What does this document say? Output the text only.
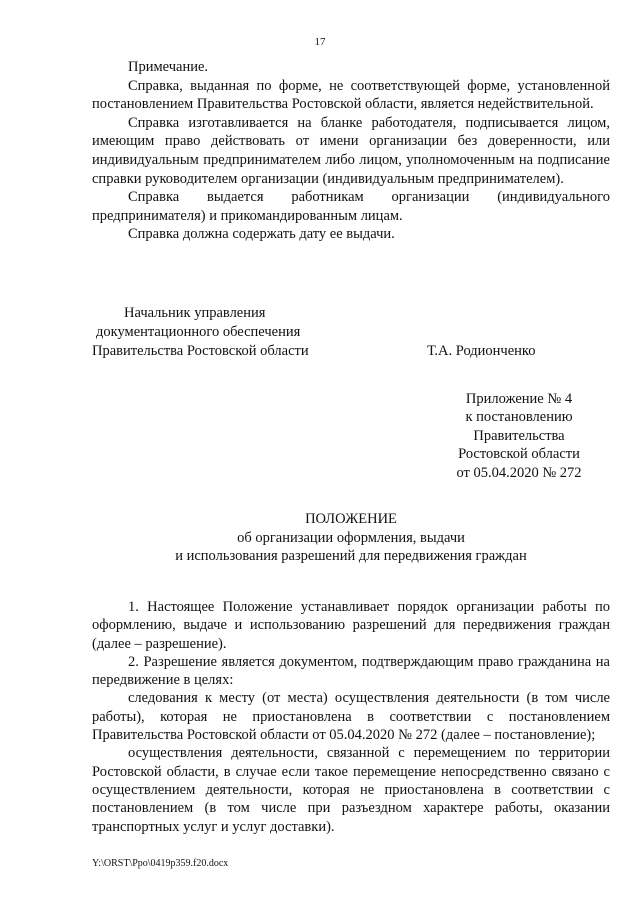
17

Примечание.

Справка, выданная по форме, не соответствующей форме, установленной постановлением Правительства Ростовской области, является недействительной.

Справка изготавливается на бланке работодателя, подписывается лицом, имеющим право действовать от имени организации без доверенности, или индивидуальным предпринимателем либо лицом, уполномоченным на подписание справки руководителем организации (индивидуальным предпринимателем).

Справка выдается работникам организации (индивидуального предпринимателя) и прикомандированным лицам.

Справка должна содержать дату ее выдачи.

Начальник управления
документационного обеспечения
Правительства Ростовской области	Т.А. Родионченко
Приложение № 4
к постановлению
Правительства
Ростовской области
от 05.04.2020 № 272
ПОЛОЖЕНИЕ
об организации оформления, выдачи
и использования разрешений для передвижения граждан

1. Настоящее Положение устанавливает порядок организации работы по оформлению, выдаче и использованию разрешений для передвижения граждан (далее – разрешение).

2. Разрешение является документом, подтверждающим право гражданина на передвижение в целях:

следования к месту (от места) осуществления деятельности (в том числе работы), которая не приостановлена в соответствии с постановлением Правительства Ростовской области от 05.04.2020 № 272 (далее – постановление);

осуществления деятельности, связанной с перемещением по территории Ростовской области, в случае если такое перемещение непосредственно связано с осуществлением деятельности, которая не приостановлена в соответствии с постановлением (в том числе при разъездном характере работы, оказании транспортных услуг и услуг доставки).

Y:\ORST\Ppo\0419p359.f20.docx
